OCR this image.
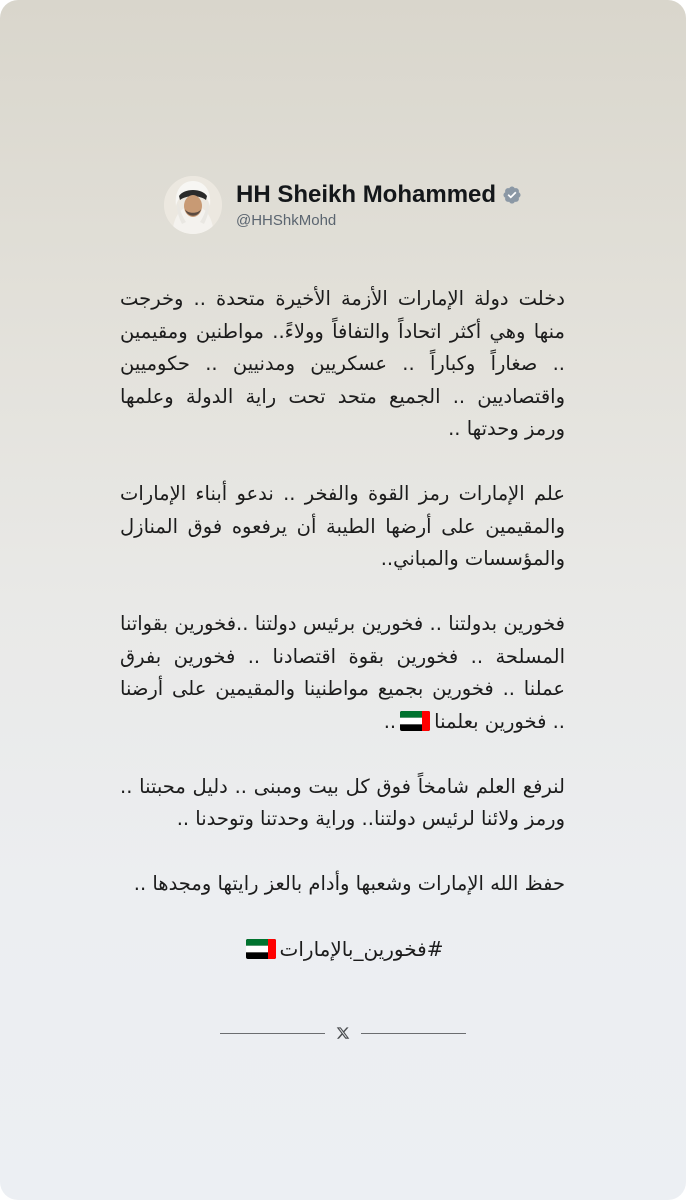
HH Sheikh Mohammed
@HHShkMohd

دخلت دولة الإمارات الأزمة الأخيرة متحدة .. وخرجت منها وهي أكثر اتحاداً والتفافاً وولاءً.. مواطنين ومقيمين .. صغاراً وكباراً .. عسكريين ومدنيين .. حكوميين واقتصاديين .. الجميع متحد تحت راية الدولة وعلمها ورمز وحدتها ..

علم الإمارات رمز القوة والفخر .. ندعو أبناء الإمارات والمقيمين على أرضها الطيبة أن يرفعوه فوق المنازل والمؤسسات والمباني..

فخورين بدولتنا .. فخورين برئيس دولتنا ..فخورين بقواتنا المسلحة .. فخورين بقوة اقتصادنا .. فخورين بفرق عملنا .. فخورين بجميع مواطنينا والمقيمين على أرضنا .. فخورين بعلمنا..

لنرفع العلم شامخاً فوق كل بيت ومبنى .. دليل محبتنا .. ورمز ولائنا لرئيس دولتنا.. وراية وحدتنا وتوحدنا ..

حفظ الله الإمارات وشعبها وأدام بالعز رايتها ومجدها ..

#فخورين_بالإمارات
